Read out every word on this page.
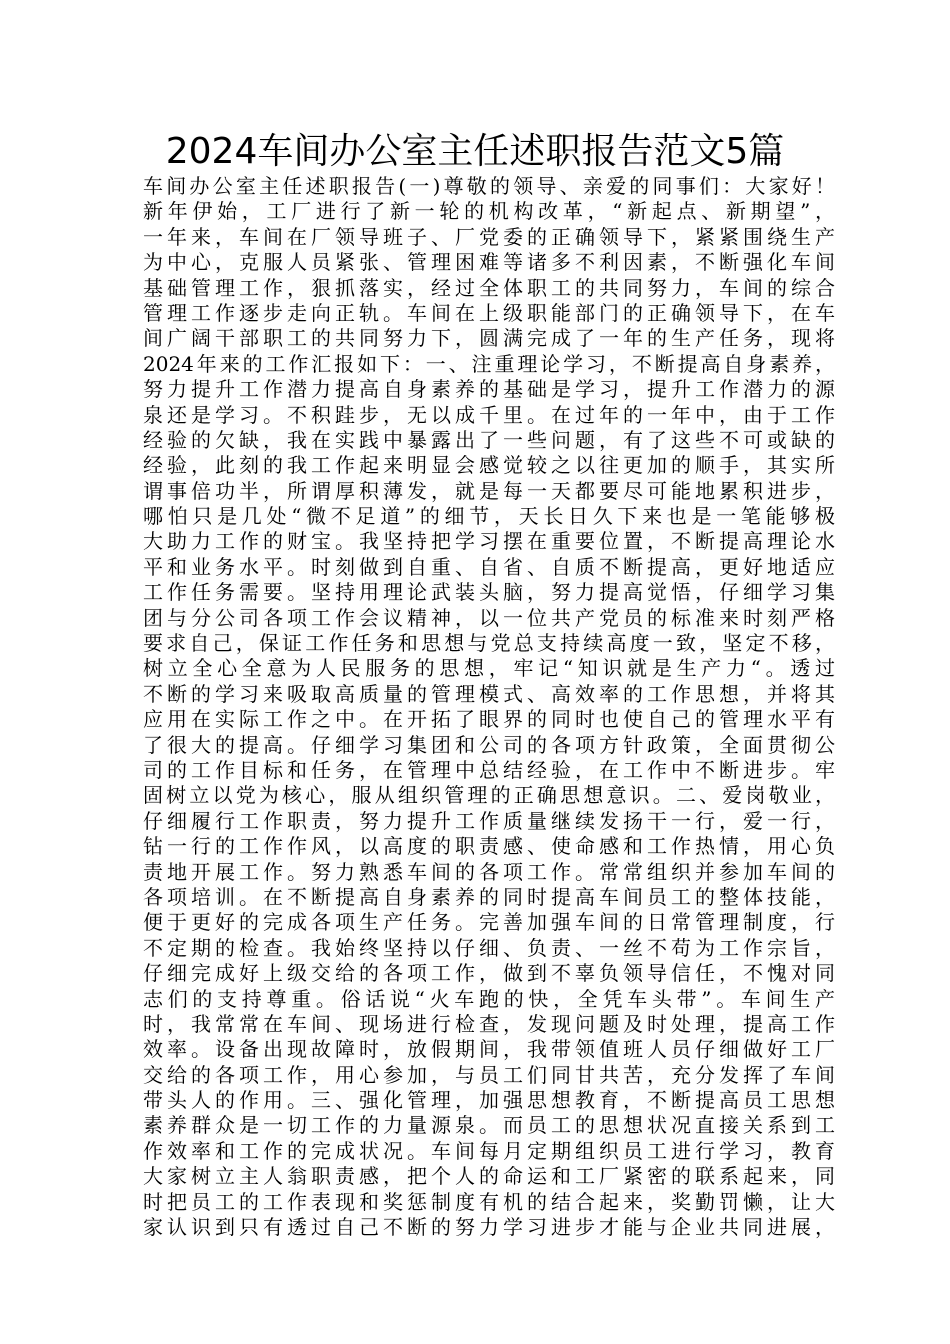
2024车间办公室主任述职报告范文5篇
车间办公室主任述职报告(一)尊敬的领导、亲爱的同事们：大家好！
新年伊始，工厂进行了新一轮的机构改革，“新起点、新期望”，
一年来，车间在厂领导班子、厂党委的正确领导下，紧紧围绕生产
为中心，克服人员紧张、管理困难等诸多不利因素，不断强化车间
基础管理工作，狠抓落实，经过全体职工的共同努力，车间的综合
管理工作逐步走向正轨。车间在上级职能部门的正确领导下，在车
间广阔干部职工的共同努力下，圆满完成了一年的生产任务，现将
2024年来的工作汇报如下：一、注重理论学习，不断提高自身素养，
努力提升工作潜力提高自身素养的基础是学习，提升工作潜力的源
泉还是学习。不积跬步，无以成千里。在过年的一年中，由于工作
经验的欠缺，我在实践中暴露出了一些问题，有了这些不可或缺的
经验，此刻的我工作起来明显会感觉较之以往更加的顺手，其实所
谓事倍功半，所谓厚积薄发，就是每一天都要尽可能地累积进步，
哪怕只是几处“微不足道”的细节，天长日久下来也是一笔能够极
大助力工作的财宝。我坚持把学习摆在重要位置，不断提高理论水
平和业务水平。时刻做到自重、自省、自质不断提高，更好地适应
工作任务需要。坚持用理论武装头脑，努力提高觉悟，仔细学习集
团与分公司各项工作会议精神，以一位共产党员的标准来时刻严格
要求自己，保证工作任务和思想与党总支持续高度一致，坚定不移，
树立全心全意为人民服务的思想，牢记“知识就是生产力“。透过
不断的学习来吸取高质量的管理模式、高效率的工作思想，并将其
应用在实际工作之中。在开拓了眼界的同时也使自己的管理水平有
了很大的提高。仔细学习集团和公司的各项方针政策，全面贯彻公
司的工作目标和任务，在管理中总结经验，在工作中不断进步。牢
固树立以党为核心，服从组织管理的正确思想意识。二、爱岗敬业，
仔细履行工作职责，努力提升工作质量继续发扬干一行，爱一行，
钻一行的工作作风，以高度的职责感、使命感和工作热情，用心负
责地开展工作。努力熟悉车间的各项工作。常常组织并参加车间的
各项培训。在不断提高自身素养的同时提高车间员工的整体技能，
便于更好的完成各项生产任务。完善加强车间的日常管理制度，行
不定期的检查。我始终坚持以仔细、负责、一丝不苟为工作宗旨，
仔细完成好上级交给的各项工作，做到不辜负领导信任，不愧对同
志们的支持尊重。俗话说“火车跑的快，全凭车头带”。车间生产
时，我常常在车间、现场进行检查，发现问题及时处理，提高工作
效率。设备出现故障时，放假期间，我带领值班人员仔细做好工厂
交给的各项工作，用心参加，与员工们同甘共苦，充分发挥了车间
带头人的作用。三、强化管理，加强思想教育，不断提高员工思想
素养群众是一切工作的力量源泉。而员工的思想状况直接关系到工
作效率和工作的完成状况。车间每月定期组织员工进行学习，教育
大家树立主人翁职责感，把个人的命运和工厂紧密的联系起来，同
时把员工的工作表现和奖惩制度有机的结合起来，奖勤罚懒，让大
家认识到只有透过自己不断的努力学习进步才能与企业共同进展，
